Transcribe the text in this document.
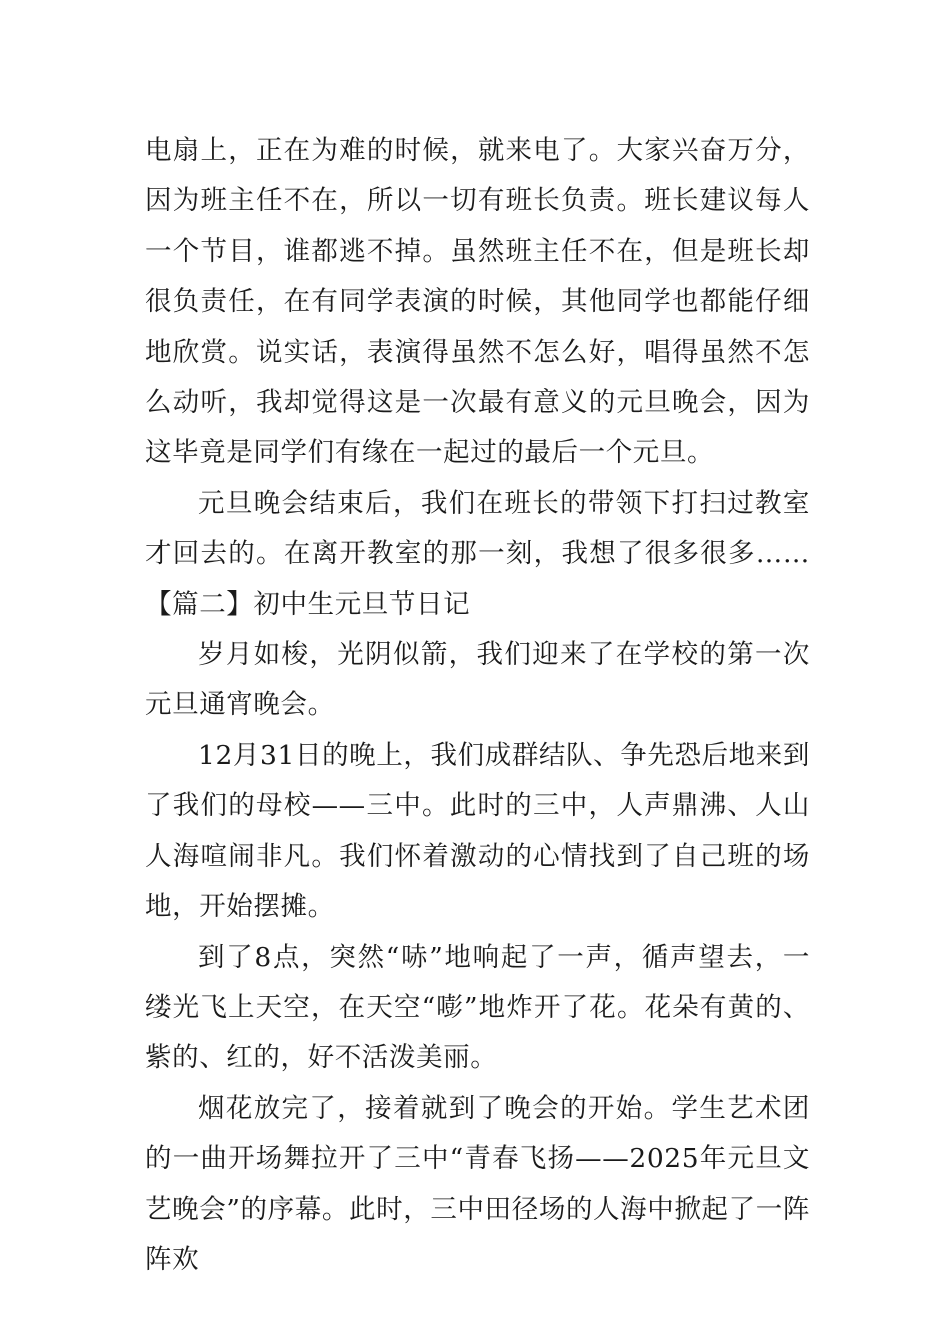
电扇上，正在为难的时候，就来电了。大家兴奋万分，因为班主任不在，所以一切有班长负责。班长建议每人一个节目，谁都逃不掉。虽然班主任不在，但是班长却很负责任，在有同学表演的时候，其他同学也都能仔细地欣赏。说实话，表演得虽然不怎么好，唱得虽然不怎么动听，我却觉得这是一次最有意义的元旦晚会，因为这毕竟是同学们有缘在一起过的最后一个元旦。

元旦晚会结束后，我们在班长的带领下打扫过教室才回去的。在离开教室的那一刻，我想了很多很多……【篇二】初中生元旦节日记

岁月如梭，光阴似箭，我们迎来了在学校的第一次元旦通宵晚会。

12月31日的晚上，我们成群结队、争先恐后地来到了我们的母校——三中。此时的三中，人声鼎沸、人山人海喧闹非凡。我们怀着激动的心情找到了自己班的场地，开始摆摊。

到了8点，突然“哧”地响起了一声，循声望去，一缕光飞上天空，在天空“嘭”地炸开了花。花朵有黄的、紫的、红的，好不活泼美丽。

烟花放完了，接着就到了晚会的开始。学生艺术团的一曲开场舞拉开了三中“青春飞扬——2025年元旦文艺晚会”的序幕。此时，三中田径场的人海中掀起了一阵阵欢
